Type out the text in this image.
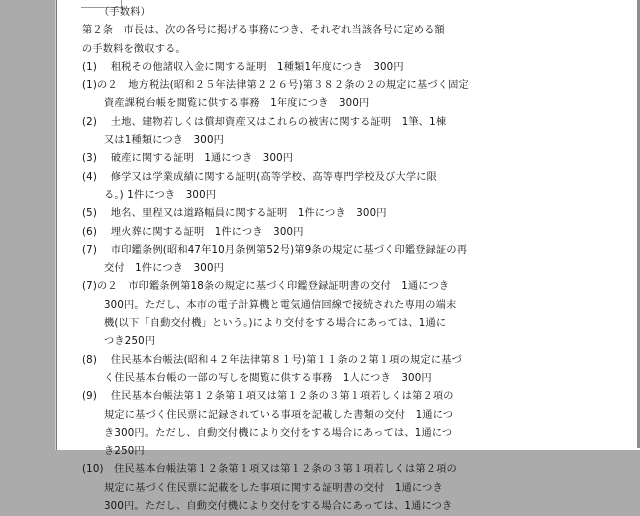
（手数料）
第２条　市長は、次の各号に掲げる事務につき、それぞれ当該各号に定める額
の手数料を徴収する。
(1)　 租税その他諸収入金に関する証明　1種類1年度につき　300円
(1)の２　地方税法(昭和２５年法律第２２６号)第３８２条の２の規定に基づく固定
資産課税台帳を閲覧に供する事務　1年度につき　300円
(2)　 土地、建物若しくは償却資産又はこれらの被害に関する証明　1筆、1棟
又は1種類につき　300円
(3)　 破産に関する証明　1通につき　300円
(4)　 修学又は学業成績に関する証明(高等学校、高等専門学校及び大学に限
る。) 1件につき　300円
(5)　 地名、里程又は道路幅員に関する証明　1件につき　300円
(6)　 埋火葬に関する証明　1件につき　300円
(7)　 市印鑑条例(昭和47年10月条例第52号)第9条の規定に基づく印鑑登録証の再
交付　1件につき　300円
(7)の２　市印鑑条例第18条の規定に基づく印鑑登録証明書の交付　1通につき
300円。ただし、本市の電子計算機と電気通信回線で接続された専用の端末
機(以下「自動交付機」という。)により交付をする場合にあっては、1通に
つき250円
(8)　 住民基本台帳法(昭和４２年法律第８１号)第１１条の２第１項の規定に基づ
く住民基本台帳の一部の写しを閲覧に供する事務　1人につき　300円
(9)　 住民基本台帳法第１２条第１項又は第１２条の３第１項若しくは第２項の
規定に基づく住民票に記録されている事項を記載した書類の交付　1通につ
き300円。ただし、自動交付機により交付をする場合にあっては、1通につ
き250円
(10)　住民基本台帳法第１２条第１項又は第１２条の３第１項若しくは第２項の
規定に基づく住民票に記載をした事項に関する証明書の交付　1通につき
300円。ただし、自動交付機により交付をする場合にあっては、1通につき
